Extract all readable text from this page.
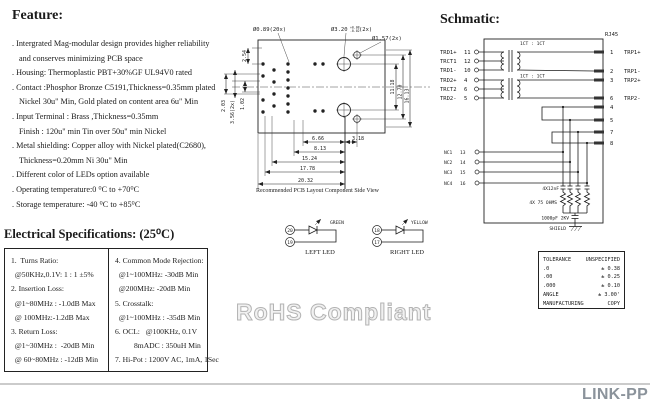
Feature:
. Intergrated Mag-modular design provides higher reliability
and conserves minimizing PCB space
. Housing: Thermoplastic PBT+30%GF UL94V0 rated
. Contact :Phosphor Bronze C5191,Thickness=0.35mm plated
Nickel 30u" Min, Gold plated on content area 6u" Min
. Input Terminal : Brass ,Thickness=0.35mm
Finish : 120u" min Tin over 50u" min Nickel
. Metal shielding: Copper alloy with Nickel plated(C2680),
Thickness=0.20mm Ni 30u" Min
. Different color of LEDs option available
. Operating temperature:0 ⁰C to +70⁰C
. Storage temperature: -40 ⁰C to +85⁰C
Schmatic:
Ø0.89(20x)	Ø3.20 +0.08
-0.02 (2x)
Ø1.57(2x)
11.18 12.70 16.13
2.54
2.03 3.56(2x) 1.02
6.66	3.18
8.13
15.24
17.78
20.32
Recommended PCB Layout Component Side View
20
19
GREEN
LEFT LED
18
17
YELLOW
RIGHT LED
RJ45
TRD1+ 11
TRCT1 12
TRD1- 10
TRD2+ 4
TRCT2 6
TRD2- 5
1CT : 1CT
1CT : 1CT
NC1 13
NC2 14
NC3 15
NC4 16
4X12nF
4X 75 OHMS
1000pF 2KV
SHIELD
1 TRP1+
2 TRP1-
3 TRP2+
6 TRP2-
4
5
7
8
Electrical Specifications: (25⁰C)
1.  Turns Ratio:
@50KHz,0.1V: 1 : 1 ±5%
2. Insertion Loss:
@1~80MHz : -1.0dB Max
@ 100MHz:-1.2dB Max
3. Return Loss:
@1~30MHz :  -20dB Min
@ 60~80MHz : -12dB Min
4. Common Mode Rejection:
@1~100MHz: -30dB Min
@200MHz: -20dB Min
5. Crosstalk:
@1~100MHz : -35dB Min
6. OCL:   @100KHz, 0.1V
8mADC : 350uH Min
7. Hi-Pot : 1200V AC, 1mA, 1Sec
TOLERANCE	UNSPECIFIED
.0	± 0.38
.00	± 0.25
.000	± 0.10
ANGLE	± 3.00'
MANUFACTURING	COPY
RoHS Compliant
LINK-PP
